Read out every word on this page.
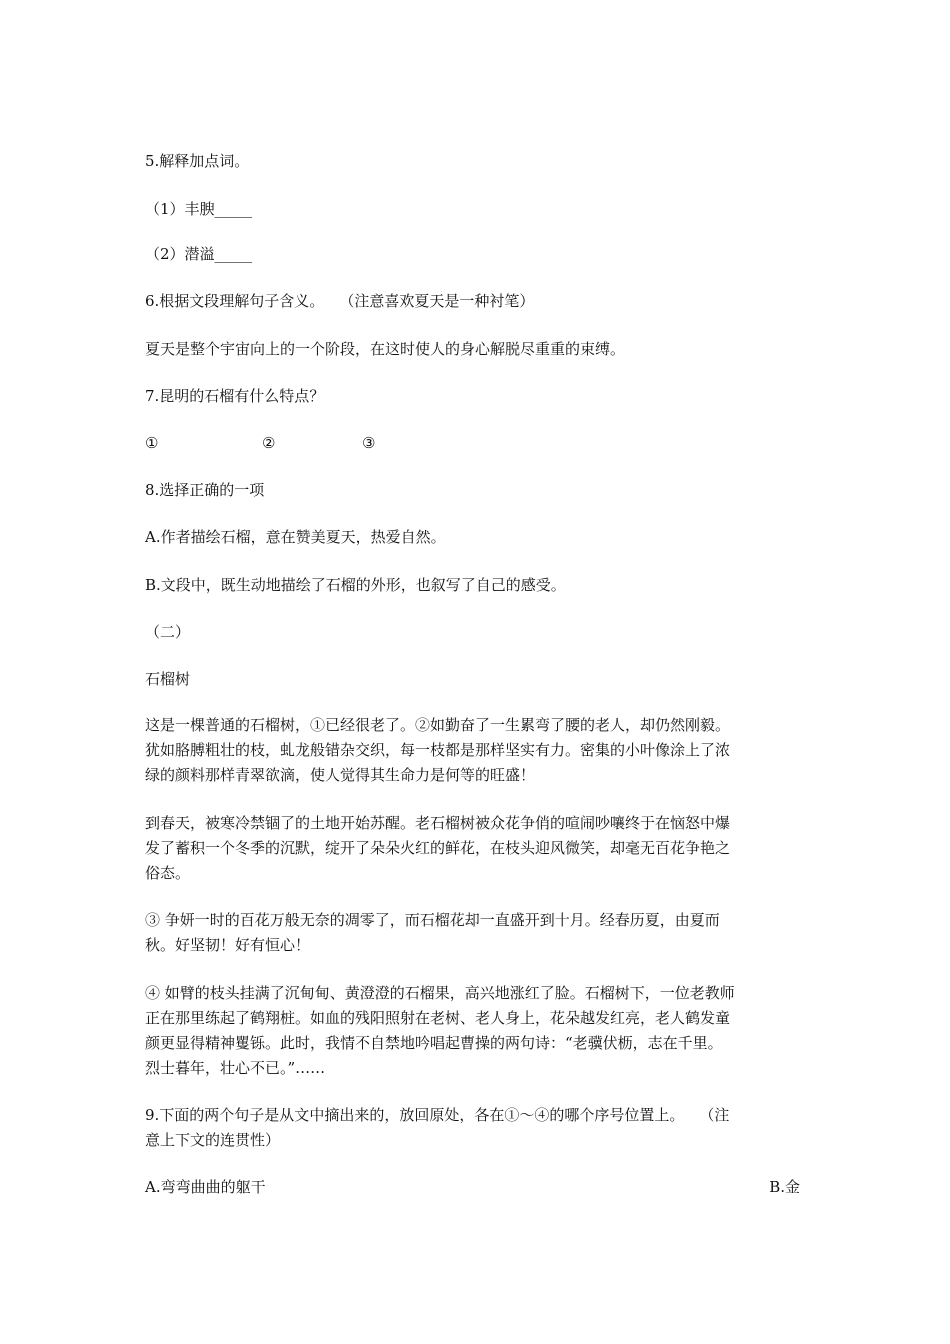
5.解释加点词。
（1）丰腴_____
（2）潜溢_____
6.根据文段理解句子含义。　　（注意喜欢夏天是一种衬笔）
夏天是整个宇宙向上的一个阶段，在这时使人的身心解脱尽重重的束缚。
7.昆明的石榴有什么特点？
①	②	③
8.选择正确的一项
A.作者描绘石榴，意在赞美夏天，热爱自然。
B.文段中，既生动地描绘了石榴的外形，也叙写了自己的感受。
（二）
石榴树
这是一棵普通的石榴树，①已经很老了。②如勤奋了一生累弯了腰的老人，却仍然刚毅。
犹如胳膊粗壮的枝，虬龙般错杂交织，每一枝都是那样坚实有力。密集的小叶像涂上了浓
绿的颜料那样青翠欲滴，使人觉得其生命力是何等的旺盛！
到春天，被寒冷禁锢了的土地开始苏醒。老石榴树被众花争俏的喧闹吵嚷终于在恼怒中爆
发了蓄积一个冬季的沉默，绽开了朵朵火红的鲜花，在枝头迎风微笑，却毫无百花争艳之
俗态。
③ 争妍一时的百花万般无奈的凋零了，而石榴花却一直盛开到十月。经春历夏，由夏而
秋。好坚韧！好有恒心！
④ 如臂的枝头挂满了沉甸甸、黄澄澄的石榴果，高兴地涨红了脸。石榴树下，一位老教师
正在那里练起了鹤翔桩。如血的残阳照射在老树、老人身上，花朵越发红亮，老人鹤发童
颜更显得精神矍铄。此时，我情不自禁地吟唱起曹操的两句诗：“老骥伏枥，志在千里。
烈士暮年，壮心不已。”……
9.下面的两个句子是从文中摘出来的，放回原处，各在①～④的哪个序号位置上。　　（注
意上下文的连贯性）
A.弯弯曲曲的躯干	B.金
